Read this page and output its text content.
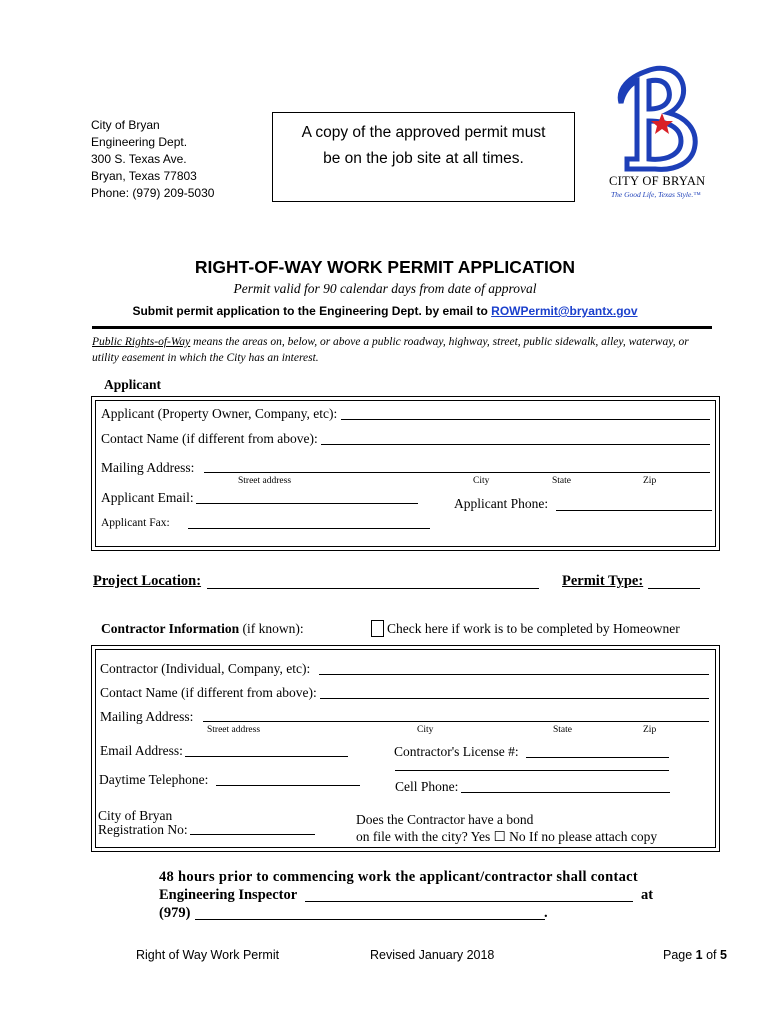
City of Bryan
Engineering Dept.
300 S. Texas Ave.
Bryan, Texas 77803
Phone: (979) 209-5030
A copy of the approved permit must
be on the job site at all times.
CITY OF BRYAN
The Good Life, Texas Style.™
RIGHT-OF-WAY WORK PERMIT APPLICATION
Permit valid for 90 calendar days from date of approval
Submit permit application to the Engineering Dept. by email to ROWPermit@bryantx.gov
Public Rights-of-Way means the areas on, below, or above a public roadway, highway, street, public sidewalk, alley, waterway, or utility easement in which the City has an interest.
Applicant
Applicant (Property Owner, Company, etc):
Contact Name (if different from above):
Mailing Address:
Street address	City	State	Zip
Applicant Email:	Applicant Phone:
Applicant Fax:
Project Location:	Permit Type:
Contractor Information (if known):	Check here if work is to be completed by Homeowner
Contractor (Individual, Company, etc):
Contact Name (if different from above):
Mailing Address:
Street address	City	State	Zip
Email Address:	Contractor's License #:
Daytime Telephone:	Cell Phone:
City of Bryan
Registration No:
Does the Contractor have a bond
on file with the city? Yes ☐ No If no please attach copy
48 hours prior to commencing work the applicant/contractor shall contact
Engineering Inspector	at
(979)	.
Right of Way Work Permit	Revised January 2018	Page 1 of 5
